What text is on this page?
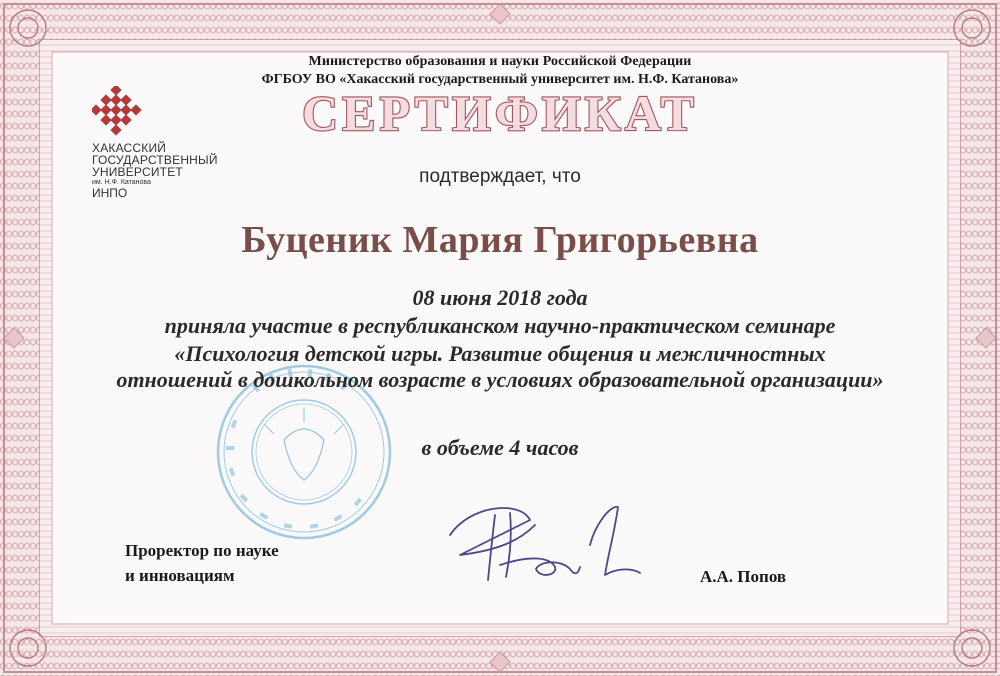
ХАКАССКИЙ
ГОСУДАРСТВЕННЫЙ
УНИВЕРСИТЕТ
им. Н.Ф. Катанова
ИНПО
Министерство образования и науки Российской Федерации
ФГБОУ ВО «Хакасский государственный университет им. Н.Ф. Катанова»
СЕРТИФИКАТ
подтверждает, что
Буценик Мария Григорьевна
08 июня 2018 года
приняла участие в республиканском научно-практическом семинаре
«Психология детской игры. Развитие общения и межличностных отношений в дошкольном возрасте в условиях образовательной организации»
в объеме 4 часов
Проректор по науке
и инновациям	А.А. Попов
